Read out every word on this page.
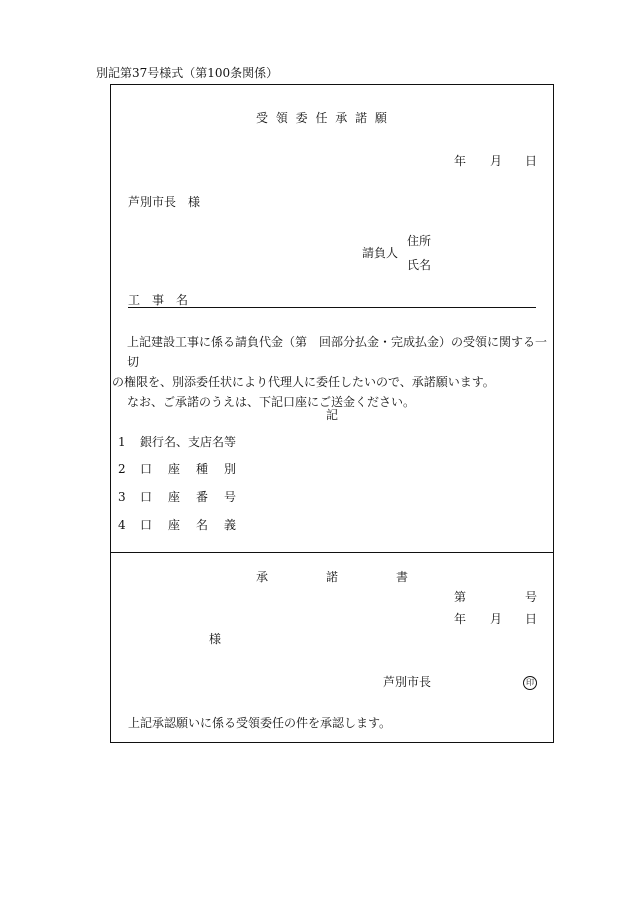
別記第37号様式（第100条関係）
受 領 委 任 承 諾 願
年 月 日
芦別市長　様
請負人
住所
氏名
工　事　名
上記建設工事に係る請負代金（第　回部分払金・完成払金）の受領に関する一切
の権限を、別添委任状により代理人に委任したいので、承諾願います。
なお、ご承諾のうえは、下記口座にご送金ください。
記
1 銀行名、支店名等
2 口　座　種　別
3 口　座　番　号
4 口　座　名　義
承	諾	書
第	号
年 月 日
様
芦別市長	印
上記承認願いに係る受領委任の件を承認します。
